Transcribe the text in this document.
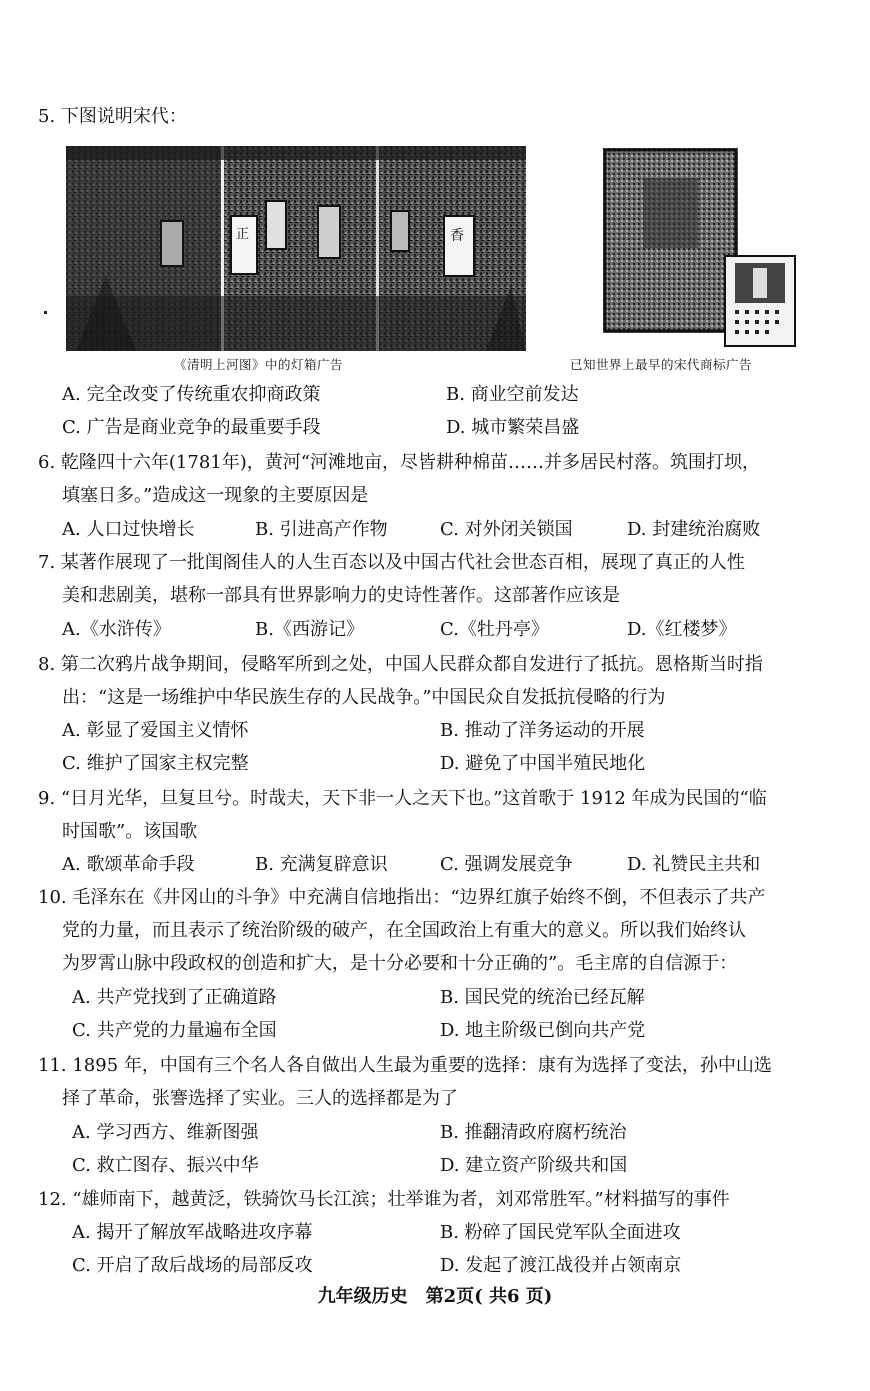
5. 下图说明宋代：
正	香
《清明上河图》中的灯箱广告	已知世界上最早的宋代商标广告
A. 完全改变了传统重农抑商政策	B. 商业空前发达
C. 广告是商业竞争的最重要手段	D. 城市繁荣昌盛
6. 乾隆四十六年(1781年)，黄河“河滩地亩，尽皆耕种棉苗……并多居民村落。筑围打坝，
填塞日多。”造成这一现象的主要原因是
A. 人口过快增长	B. 引进高产作物	C. 对外闭关锁国	D. 封建统治腐败
7. 某著作展现了一批闺阁佳人的人生百态以及中国古代社会世态百相，展现了真正的人性
美和悲剧美，堪称一部具有世界影响力的史诗性著作。这部著作应该是
A.《水浒传》	B.《西游记》	C.《牡丹亭》	D.《红楼梦》
8. 第二次鸦片战争期间，侵略军所到之处，中国人民群众都自发进行了抵抗。恩格斯当时指
出：“这是一场维护中华民族生存的人民战争。”中国民众自发抵抗侵略的行为
A. 彰显了爱国主义情怀	B. 推动了洋务运动的开展
C. 维护了国家主权完整	D. 避免了中国半殖民地化
9. “日月光华，旦复旦兮。时哉夫，天下非一人之天下也。”这首歌于 1912 年成为民国的“临
时国歌”。该国歌
A. 歌颂革命手段	B. 充满复辟意识	C. 强调发展竞争	D. 礼赞民主共和
10. 毛泽东在《井冈山的斗争》中充满自信地指出：“边界红旗子始终不倒，不但表示了共产
党的力量，而且表示了统治阶级的破产，在全国政治上有重大的意义。所以我们始终认
为罗霄山脉中段政权的创造和扩大，是十分必要和十分正确的”。毛主席的自信源于：
A. 共产党找到了正确道路	B. 国民党的统治已经瓦解
C. 共产党的力量遍布全国	D. 地主阶级已倒向共产党
11. 1895 年，中国有三个名人各自做出人生最为重要的选择：康有为选择了变法，孙中山选
择了革命，张謇选择了实业。三人的选择都是为了
A. 学习西方、维新图强	B. 推翻清政府腐朽统治
C. 救亡图存、振兴中华	D. 建立资产阶级共和国
12. “雄师南下，越黄泛，铁骑饮马长江滨；壮举谁为者，刘邓常胜军。”材料描写的事件
A. 揭开了解放军战略进攻序幕	B. 粉碎了国民党军队全面进攻
C. 开启了敌后战场的局部反攻	D. 发起了渡江战役并占领南京
九年级历史　第2页( 共6 页)
